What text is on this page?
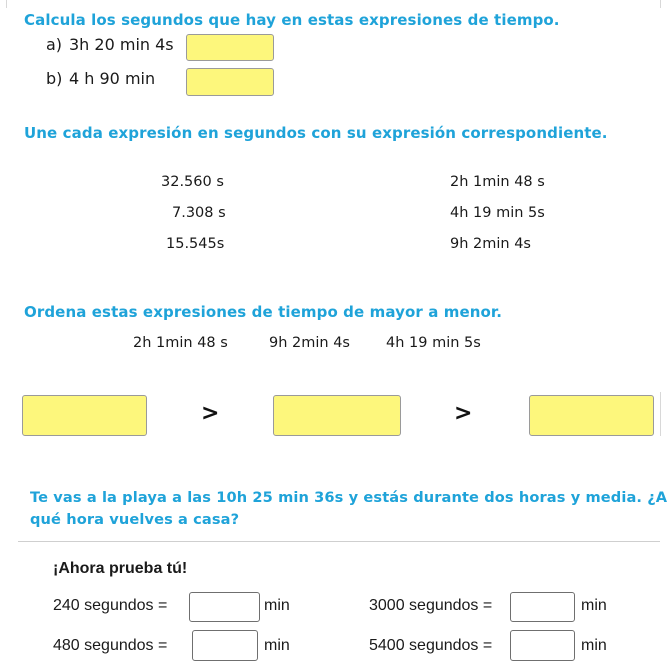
Calcula los segundos que hay en estas expresiones de tiempo.
a) 3h 20 min 4s
b) 4 h 90 min
Une cada expresión en segundos con su expresión correspondiente.
32.560 s
7.308 s
15.545s
2h 1min 48 s
4h 19 min 5s
9h 2min 4s
Ordena estas expresiones de tiempo de mayor a menor.
2h 1min 48 s	9h 2min 4s 4h 19 min 5s
>	>
Te vas a la playa a las 10h 25 min 36s y estás durante dos horas y media. ¿A
qué hora vuelves a casa?
¡Ahora prueba tú!
240 segundos =	min	3000 segundos =	min
480 segundos =	min	5400 segundos =	min
